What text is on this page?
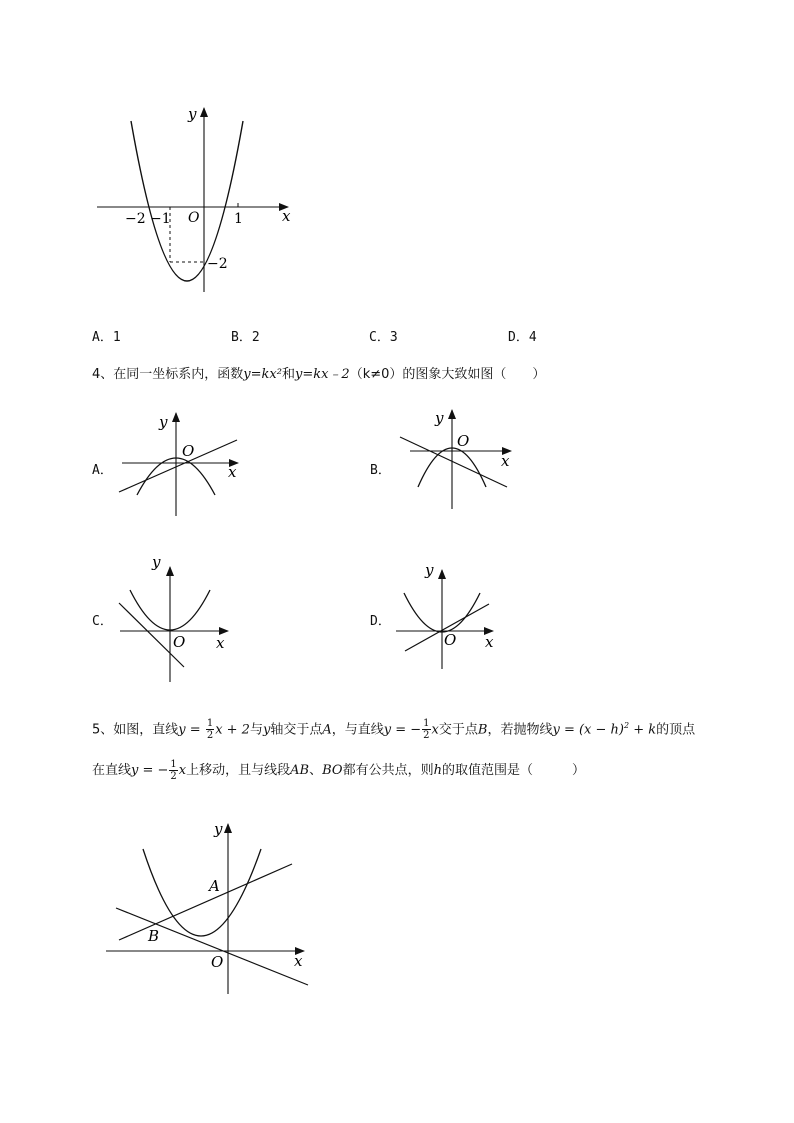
y
x
O
−2 −1	1
−2
A．1	B．2	C．3	D．4
4、在同一坐标系内，函数y=kx²和y=kx﹣2（k≠0）的图象大致如图（　　）
A．	B．
C．	D．
y
x
O
y
x
O
y
x
O
y
x
O
5、如图，直线$y = \frac{1}{2}$ x + 2与y轴交于点A，与直线y = − $\frac{1}{2}$ x交于点B，若抛物线$y = (x - h)^2 + k$的顶点
在直线y = − $\frac{1}{2}$ x上移动，且与线段AB、BO都有公共点，则h的取值范围是（　　　）
y
x
O
A
B
